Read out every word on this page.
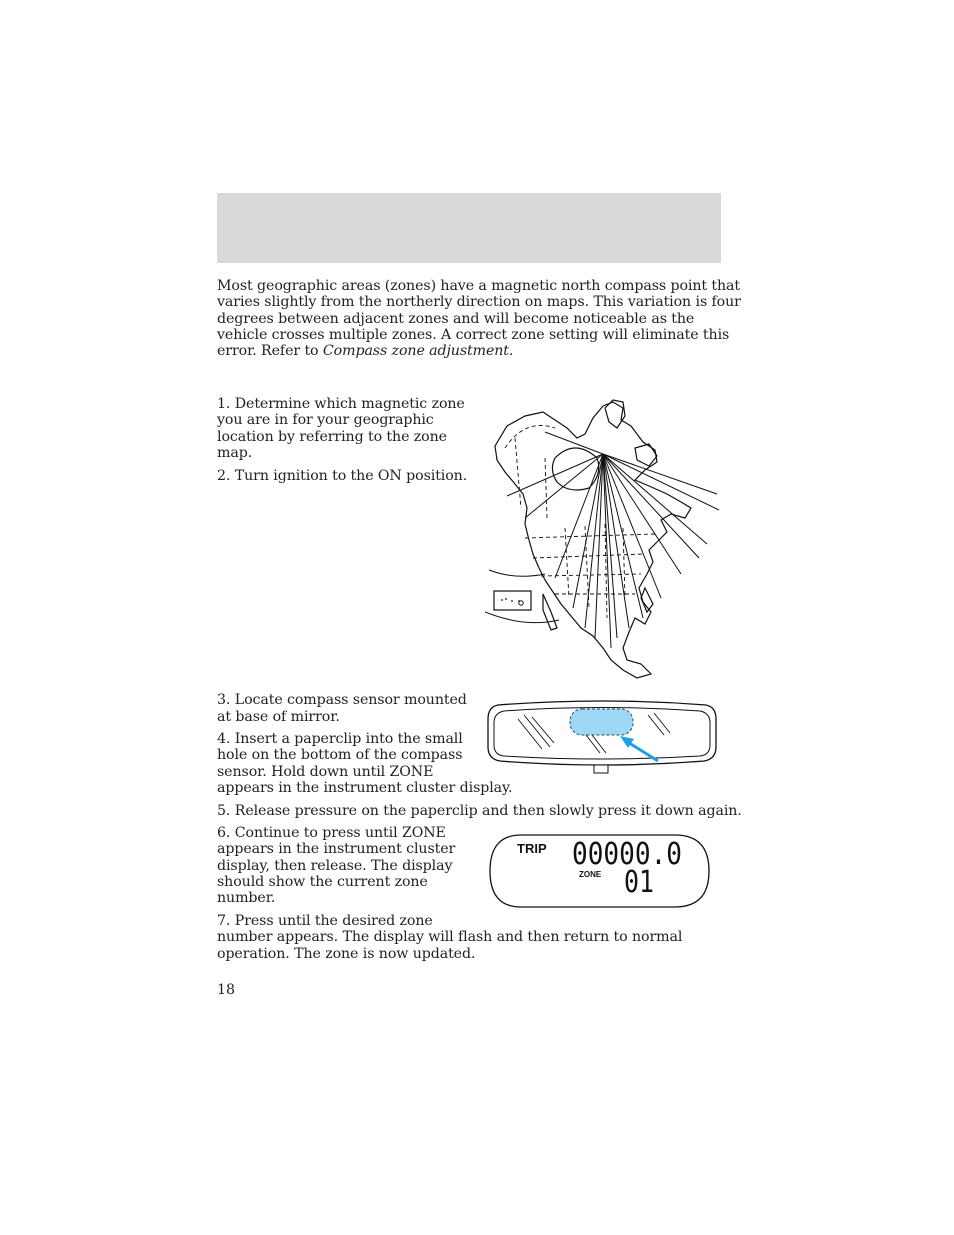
Most geographic areas (zones) have a magnetic north compass point that
varies slightly from the northerly direction on maps. This variation is four
degrees between adjacent zones and will become noticeable as the
vehicle crosses multiple zones. A correct zone setting will eliminate this
error. Refer to Compass zone adjustment.
1. Determine which magnetic zone
you are in for your geographic
location by referring to the zone
map.
2. Turn ignition to the ON position.
3. Locate compass sensor mounted
at base of mirror.
4. Insert a paperclip into the small
hole on the bottom of the compass
sensor. Hold down until ZONE
appears in the instrument cluster display.
5. Release pressure on the paperclip and then slowly press it down again.
6. Continue to press until ZONE
appears in the instrument cluster
display, then release. The display
should show the current zone
number.
TRIP 00000.0
ZONE 01
7. Press until the desired zone
number appears. The display will flash and then return to normal
operation. The zone is now updated.
18
